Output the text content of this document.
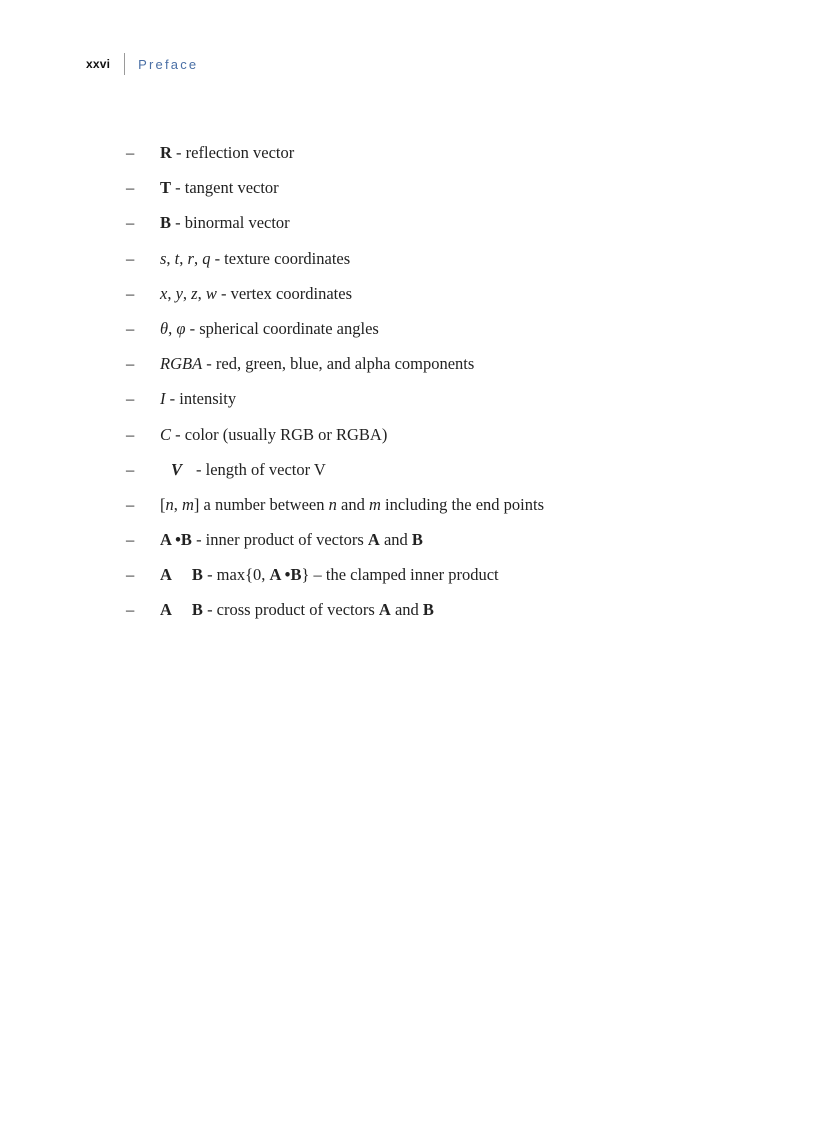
xxvi Preface
–	R - reflection vector
–	T - tangent vector
–	B - binormal vector
–	s, t, r, q - texture coordinates
–	x, y, z, w - vertex coordinates
–	θ, φ - spherical coordinate angles
–	RGBA - red, green, blue, and alpha components
–	I - intensity
–	C - color (usually RGB or RGBA)
–	V - length of vector V
–	[n, m] a number between n and m including the end points
–	A •B - inner product of vectors A and B
–	A B - max{0, A •B} – the clamped inner product
–	A B - cross product of vectors A and B
